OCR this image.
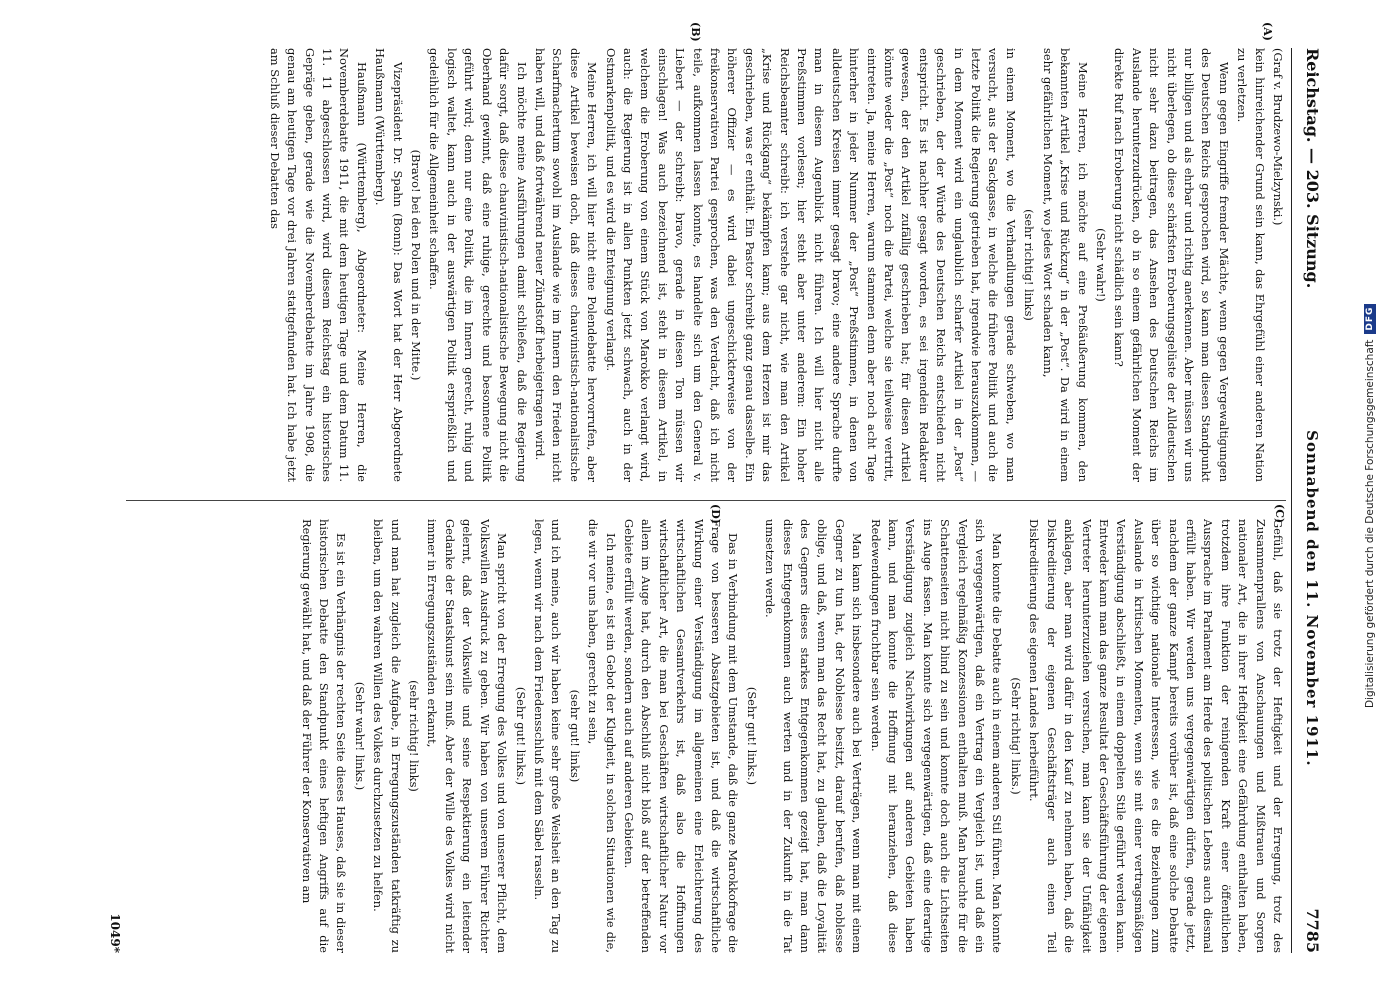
Reichstag. — 203. Sitzung.
Sonnabend den 11. November 1911.
7785

(Graf v. Brudzewo-Mielzynski.)

kein hinreichender Grund sein kann, das Ehrgefühl einer anderen Nation zu verletzen.

Wenn gegen Eingriffe fremder Mächte, wenn gegen Vergewaltigungen des Deutschen Reichs gesprochen wird, so kann man diesen Standpunkt nur billigen und als ehrbar und richtig anerkennen. Aber müssen wir uns nicht überlegen, ob diese schärfsten Eroberungsgelüste der Alldeutschen nicht sehr dazu beitragen, das Ansehen des Deutschen Reichs im Auslande herunterzudrücken, ob in so einem gefährlichen Moment der direkte Ruf nach Eroberung nicht schädlich sein kann?

(Sehr wahr!)

Meine Herren, ich möchte auf eine Preßäußerung kommen, den bekannten Artikel „Krise und Rückzug“ in der „Post“. Da wird in einem sehr gefährlichen Moment, wo jedes Wort schaden kann,

(sehr richtig! links)

in einem Moment, wo die Verhandlungen gerade schweben, wo man versucht, aus der Sackgasse, in welche die frühere Politik und auch die letzte Politik die Regierung getrieben hat, irgendwie herauszukommen, — in dem Moment wird ein unglaublich scharfer Artikel in der „Post“ geschrieben, der der Würde des Deutschen Reichs entschieden nicht entspricht. Es ist nachher gesagt worden, es sei irgendein Redakteur gewesen, der den Artikel zufällig geschrieben hat; für diesen Artikel könnte weder die „Post“ noch die Partei, welche sie teilweise vertritt, eintreten. Ja, meine Herren, warum stammen denn aber noch acht Tage hinterher in jeder Nummer der „Post“ Preßstimmen, in denen von alldeutschen Kreisen immer gesagt bravo; eine andere Sprache durfte man in diesem Augenblick nicht führen. Ich will hier nicht alle Preßstimmen vorlesen; hier steht aber unter anderem: Ein hoher Reichsbeamter schreibt: ich verstehe gar nicht, wie man den Artikel „Krise und Rückgang“ bekämpfen kann; aus dem Herzen ist mir das geschrieben, was er enthält. Ein Pastor schreibt ganz genau dasselbe. Ein höherer Offizier — es wird dabei ungeschickterweise von der freikonservativen Partei gesprochen, was den Verdacht, daß ich nicht teile, aufkommen lassen konnte, es handelte sich um den General v. Liebert — der schreibt: bravo, gerade in diesen Ton müssen wir einschlagen! Was auch bezeichnend ist, steht in diesem Artikel, in welchem die Eroberung von einem Stück von Marokko verlangt wird, auch: die Regierung ist in allen Punkten jetzt schwach, auch in der Ostmarkenpolitik, und es wird die Enteignung verlangt.

Meine Herren, ich will hier nicht eine Polendebatte hervorrufen, aber diese Artikel beweisen doch, daß dieses chauvinistisch-nationalistische Scharfmachertum sowohl im Auslande wie im Innern den Frieden nicht haben will, und daß fortwährend neuer Zündstoff herbeigetragen wird.

Ich möchte meine Ausführungen damit schließen, daß die Regierung dafür sorgt, daß diese chauvinistisch-nationalistische Bewegung nicht die Oberhand gewinnt, daß eine ruhige, gerechte und besonnene Politik geführt wird; denn nur eine Politik, die im Innern gerecht, ruhig und logisch waltet, kann auch in der auswärtigen Politik ersprießlich und gedeihlich für die Allgemeinheit schaffen.

(Bravo! bei den Polen und in der Mitte.)

Vizepräsident Dr. Spahn (Bonn): Das Wort hat der Herr Abgeordnete Haußmann (Württemberg).

Haußmann (Württemberg), Abgeordneter: Meine Herren, die Novemberdebatte 1911, die mit dem heutigen Tage und dem Datum 11. 11. 11 abgeschlossen wird, wird diesem Reichstag ein historisches Gepräge geben, gerade wie die Novemberdebatte im Jahre 1908, die genau am heutigen Tage vor drei Jahren stattgefunden hat. Ich habe jetzt am Schluß dieser Debatten das

Gefühl, daß sie trotz der Heftigkeit und der Erregung, trotz des Zusammenprallens von Anschauungen und Mißtrauen und Sorgen nationaler Art, die in ihrer Heftigkeit eine Gefährdung enthalten haben, trotzdem ihre Funktion der reinigenden Kraft einer öffentlichen Aussprache im Parlament am Herde des politischen Lebens auch diesmal erfüllt haben. Wir werden uns vergegenwärtigen dürfen, gerade jetzt, nachdem der ganze Kampf bereits vorüber ist, daß eine solche Debatte über so wichtige nationale Interessen, wie es die Beziehungen zum Auslande in kritischen Momenten, wenn sie mit einer vertragsmäßigen Verständigung abschließt, in einem doppelten Stile geführt werden kann. Entweder kann man das ganze Resultat der Geschäftsführung der eigenen Vertreter herunterzuziehen versuchen, man kann sie der Unfähigkeit anklagen, aber man wird dafür in den Kauf zu nehmen haben, daß die Diskreditierung der eigenen Geschäftsträger auch einen Teil Diskreditierung des eigenen Landes herbeiführt.

(Sehr richtig! links.)

Man konnte die Debatte auch in einem anderen Stil führen. Man konnte sich vergegenwärtigen, daß ein Vertrag ein Vergleich ist, und daß ein Vergleich regelmäßig Konzessionen enthalten muß. Man brauchte für die Schattenseiten nicht blind zu sein und konnte doch auch die Lichtseiten ins Auge fassen. Man konnte sich vergegenwärtigen, daß eine derartige Verständigung zugleich Nachwirkungen auf anderen Gebieten haben kann, und man konnte die Hoffnung mit heranziehen, daß diese Redewendungen fruchtbar sein werden.

Man kann sich insbesondere auch bei Verträgen, wenn man mit einem Gegner zu tun hat, der Noblesse besitzt, darauf berufen, daß noblesse oblige, und daß, wenn man das Recht hat, zu glauben, daß die Loyalität des Gegners dieses starkes Entgegenkommen gezeigt hat, man dann dieses Entgegenkommen auch werten und in der Zukunft in die Tat umsetzen werde.

(Sehr gut! links.)

Das in Verbindung mit dem Umstande, daß die ganze Marokkofrage die Frage von besseren Absatzgebieten ist, und daß die wirtschaftliche Wirkung einer Verständigung im allgemeinen eine Erleichterung des wirtschaftlichen Gesamtverkehrs ist, daß also die Hoffnungen wirtschaftlicher Art, die man bei Geschäften wirtschaftlicher Natur vor allem im Auge hat, durch den Abschluß nicht bloß auf der betreffenden Gebiete erfüllt werden, sondern auch auf anderen Gebieten.

Ich meine, es ist ein Gebot der Klugheit, in solchen Situationen wie die, die wir vor uns haben, gerecht zu sein,

(sehr gut! links)

und ich meine, auch wir haben keine sehr große Weisheit an den Tag zu legen, wenn wir nach dem Friedensschluß mit dem Säbel rasseln.

(Sehr gut! links.)

Man spricht von der Erregung des Volkes und von unserer Pflicht, dem Volkswillen Ausdruck zu geben. Wir haben von unserem Führer Richter gelernt, daß der Volkswille und seine Respektierung ein leitender Gedanke der Staatskunst sein muß. Aber der Wille des Volkes wird nicht immer in Erregungszuständen erkannt,

(sehr richtig! links)

und man hat zugleich die Aufgabe, in Erregungszuständen tatkräftig zu bleiben, um den wahren Willen des Volkes durchzusetzen zu helfen.

(Sehr wahr! links.)

Es ist ein Verhängnis der rechten Seite dieses Hauses, daß sie in dieser historischen Debatte den Standpunkt eines heftigen Angriffs auf die Regierung gewählt hat, und daß der Führer der Konservativen am

(A)
(B)
(C)
(D)
1049*
Digitalisierung gefördert durch die Deutsche Forschungsgemeinschaft
DFG
